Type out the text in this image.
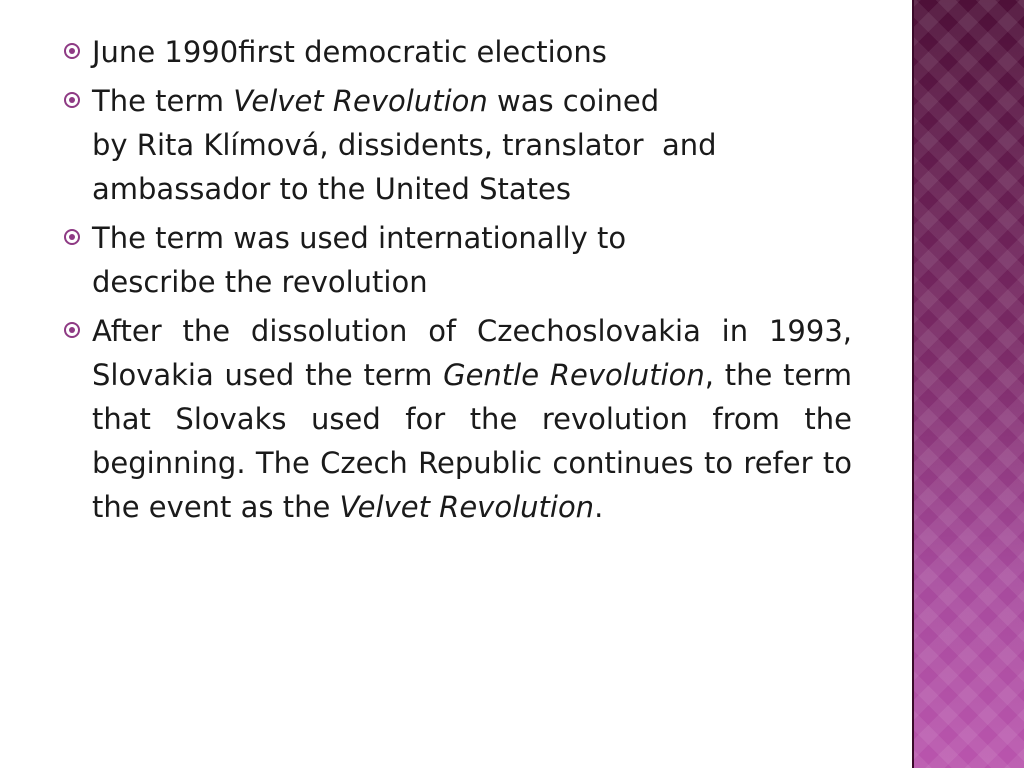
June 1990first democratic elections
The term Velvet Revolution was coined
by Rita Klímová, dissidents, translator  and
ambassador to the United States
The term was used internationally to
describe the revolution
After the dissolution of Czechoslovakia in 1993, Slovakia used the term Gentle Revolution, the term that Slovaks used for the revolution from the beginning. The Czech Republic continues to refer to the event as the Velvet Revolution.
